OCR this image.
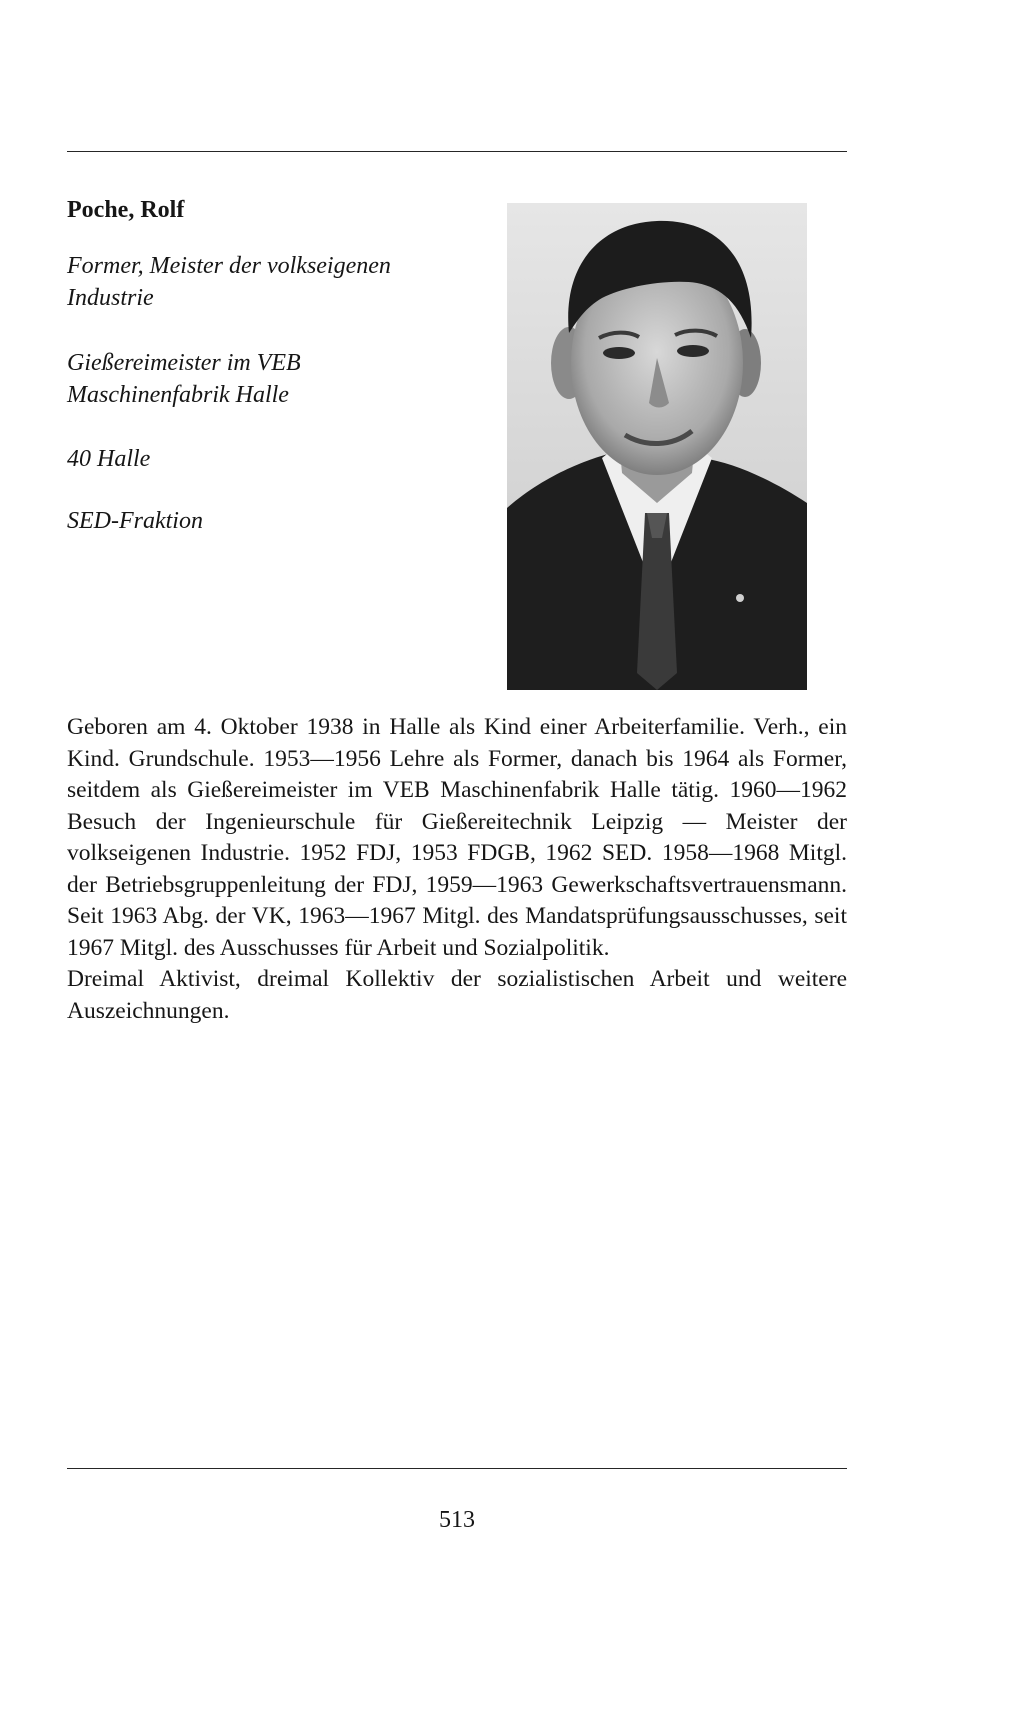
Poche, Rolf
Former, Meister der volkseigenen Industrie
Gießereimeister im VEB Maschinenfabrik Halle
40 Halle
SED-Fraktion

Geboren am 4. Oktober 1938 in Halle als Kind einer Arbeiterfamilie. Verh., ein Kind. Grundschule. 1953—1956 Lehre als Former, danach bis 1964 als Former, seitdem als Gießereimeister im VEB Maschinenfabrik Halle tätig. 1960—1962 Besuch der Ingenieurschule für Gießereitechnik Leipzig — Meister der volkseigenen Industrie. 1952 FDJ, 1953 FDGB, 1962 SED. 1958—1968 Mitgl. der Betriebsgruppenleitung der FDJ, 1959—1963 Gewerkschaftsvertrauensmann. Seit 1963 Abg. der VK, 1963—1967 Mitgl. des Mandatsprüfungsausschusses, seit 1967 Mitgl. des Ausschusses für Arbeit und Sozialpolitik.

Dreimal Aktivist, dreimal Kollektiv der sozialistischen Arbeit und weitere Auszeichnungen.

513
